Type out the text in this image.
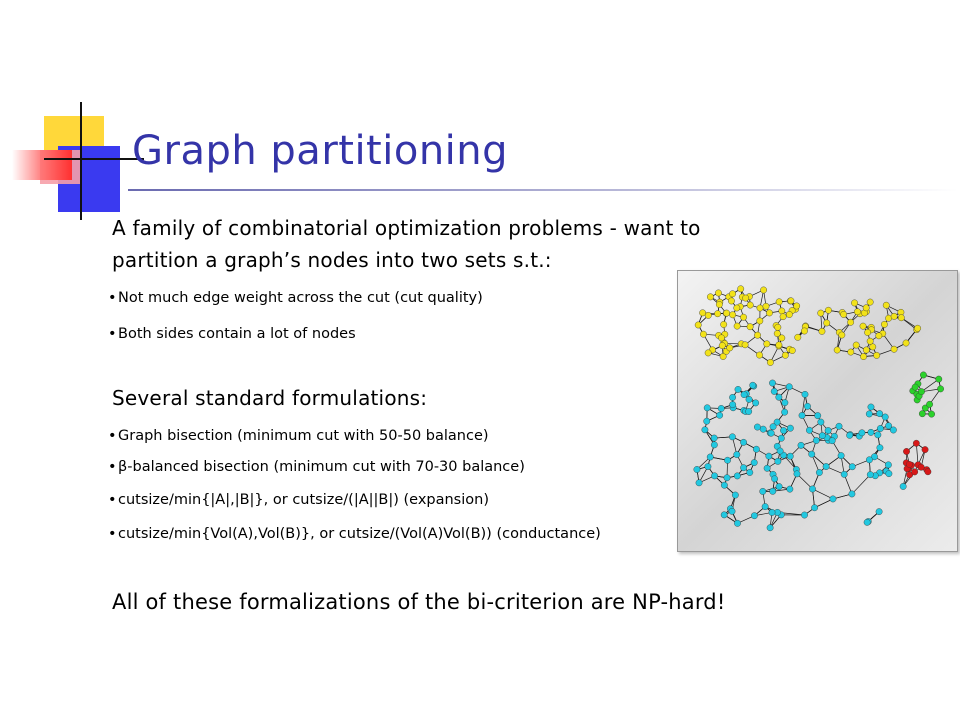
Graph partitioning
A family of combinatorial optimization problems - want to
partition a graph’s nodes into two sets s.t.:
•Not much edge weight across the cut (cut quality)
•Both sides contain a lot of nodes
Several standard formulations:
•Graph bisection (minimum cut with 50-50 balance)
•β-balanced bisection (minimum cut with 70-30 balance)
•cutsize/min{|A|,|B|}, or cutsize/(|A||B|) (expansion)
•cutsize/min{Vol(A),Vol(B)}, or cutsize/(Vol(A)Vol(B)) (conductance)
All of these formalizations of the bi-criterion are NP-hard!
